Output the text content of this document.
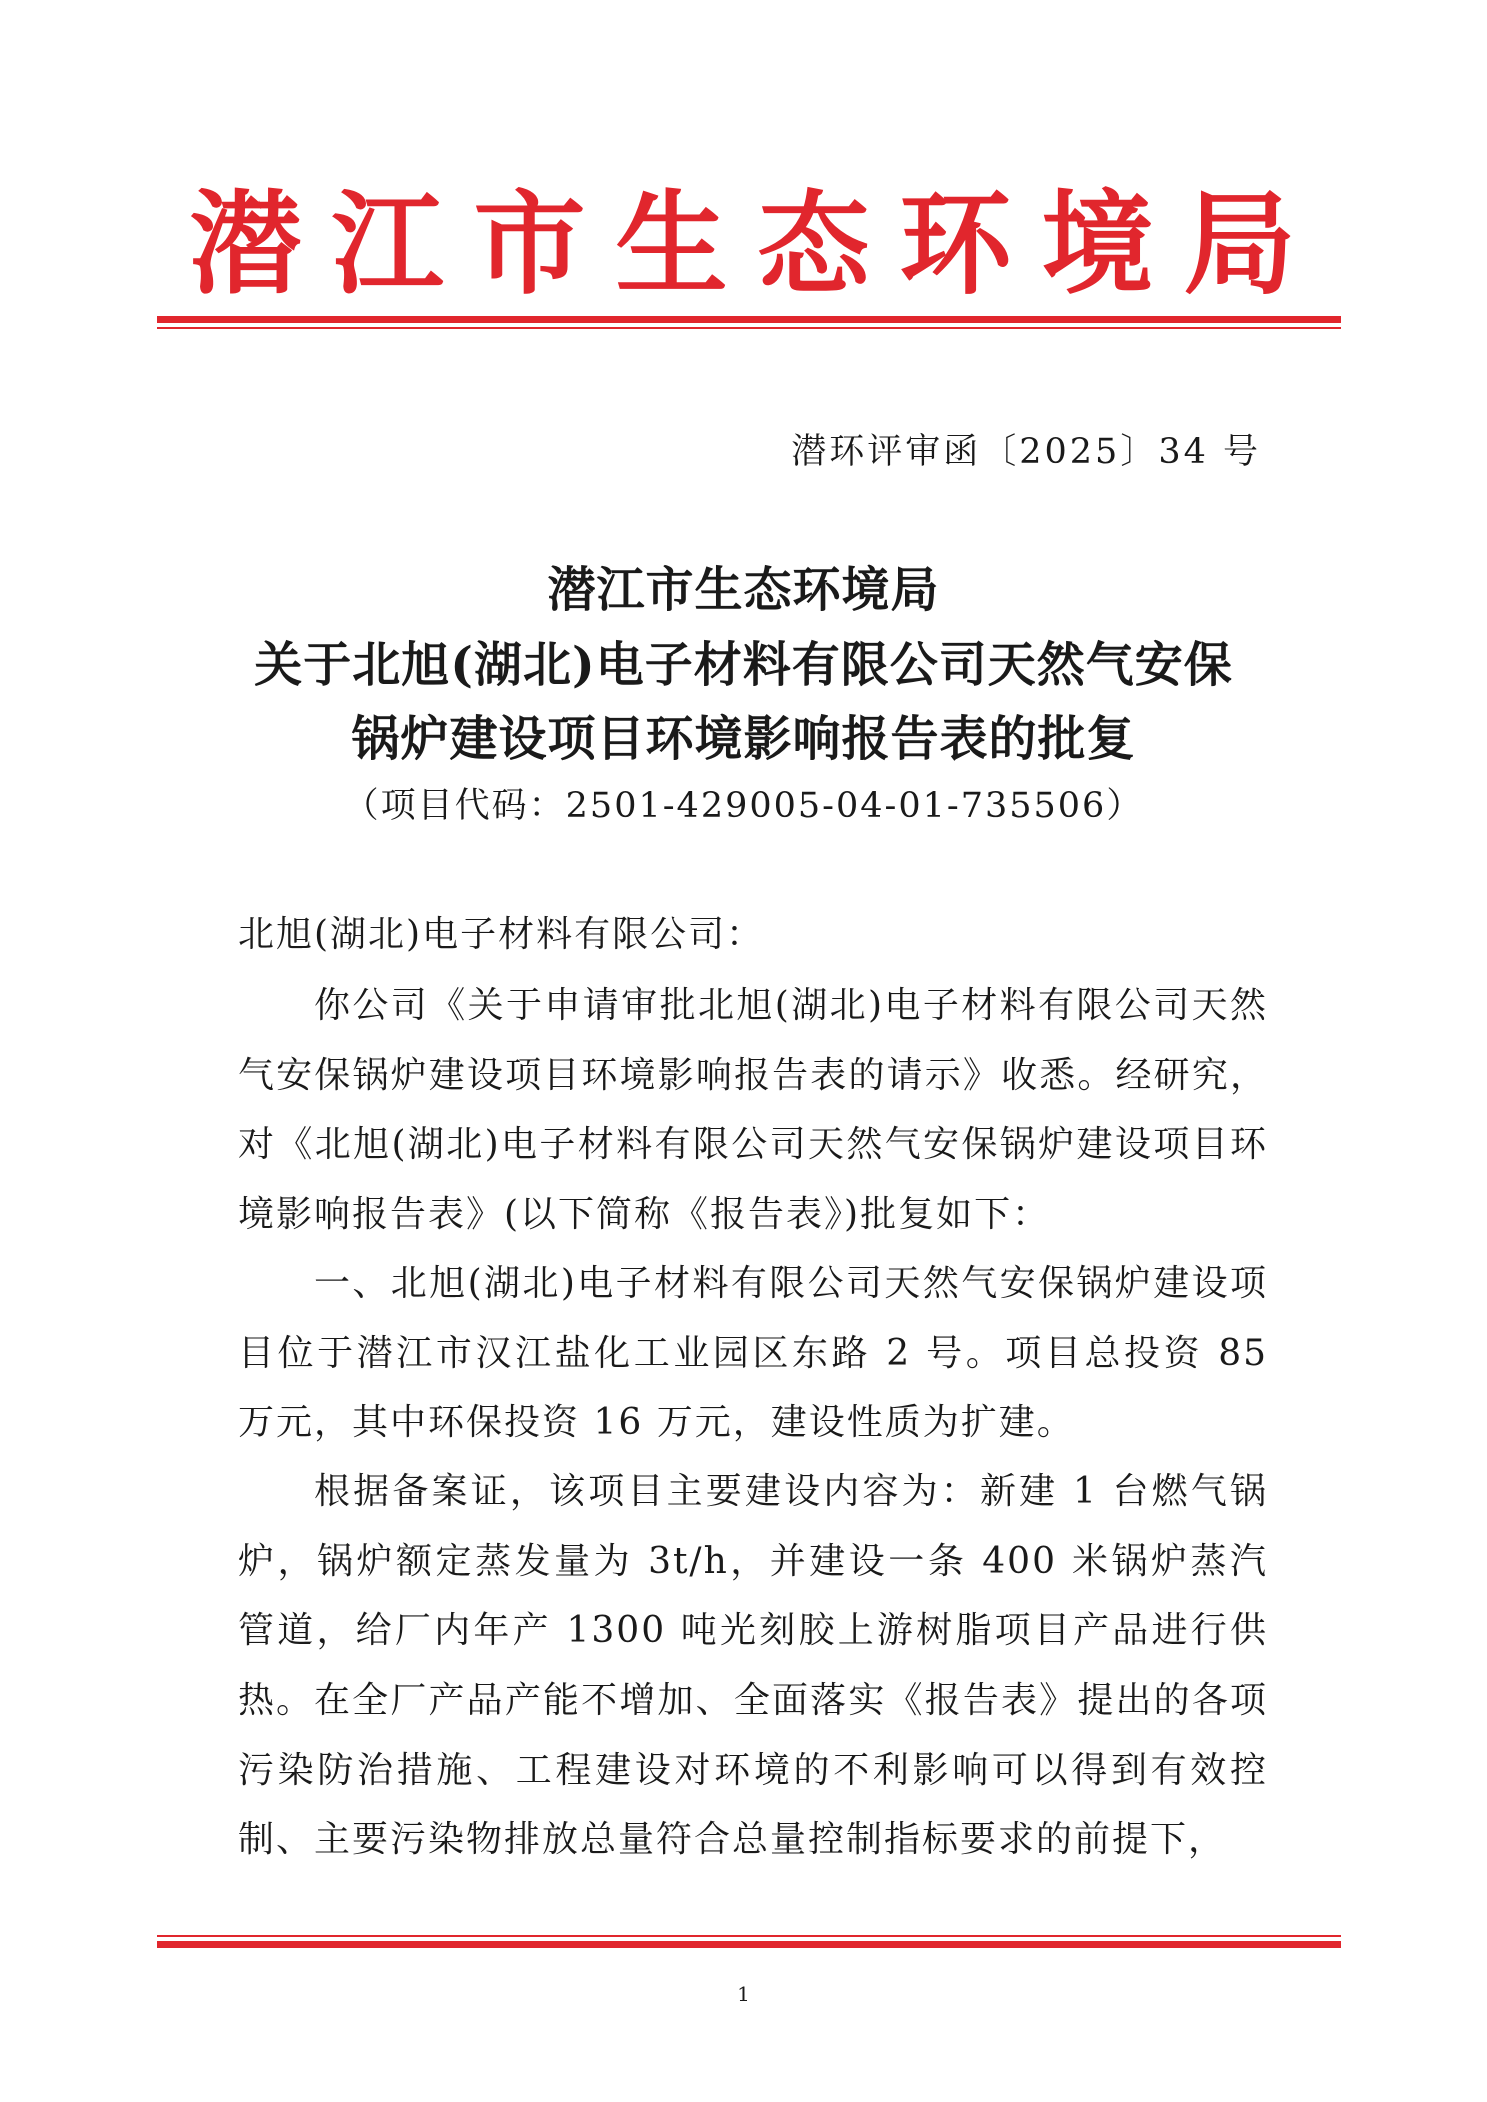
潜江市生态环境局
潜环评审函〔2025〕34 号
潜江市生态环境局
关于北旭(湖北)电子材料有限公司天然气安保
锅炉建设项目环境影响报告表的批复
（项目代码：2501-429005-04-01-735506）
北旭(湖北)电子材料有限公司：

你公司《关于申请审批北旭(湖北)电子材料有限公司天然气安保锅炉建设项目环境影响报告表的请示》收悉。经研究，对《北旭(湖北)电子材料有限公司天然气安保锅炉建设项目环境影响报告表》(以下简称《报告表》)批复如下：

一、北旭(湖北)电子材料有限公司天然气安保锅炉建设项目位于潜江市汉江盐化工业园区东路 2 号。项目总投资 85 万元，其中环保投资 16 万元，建设性质为扩建。

根据备案证，该项目主要建设内容为：新建 1 台燃气锅炉，锅炉额定蒸发量为 3t/h，并建设一条 400 米锅炉蒸汽管道，给厂内年产 1300 吨光刻胶上游树脂项目产品进行供热。 在全厂产品产能不增加、全面落实《报告表》提出的各项污染防治措施、工程建设对环境的不利影响可以得到有效控制、主要污染物排放总量符合总量控制指标要求的前提下，

1
